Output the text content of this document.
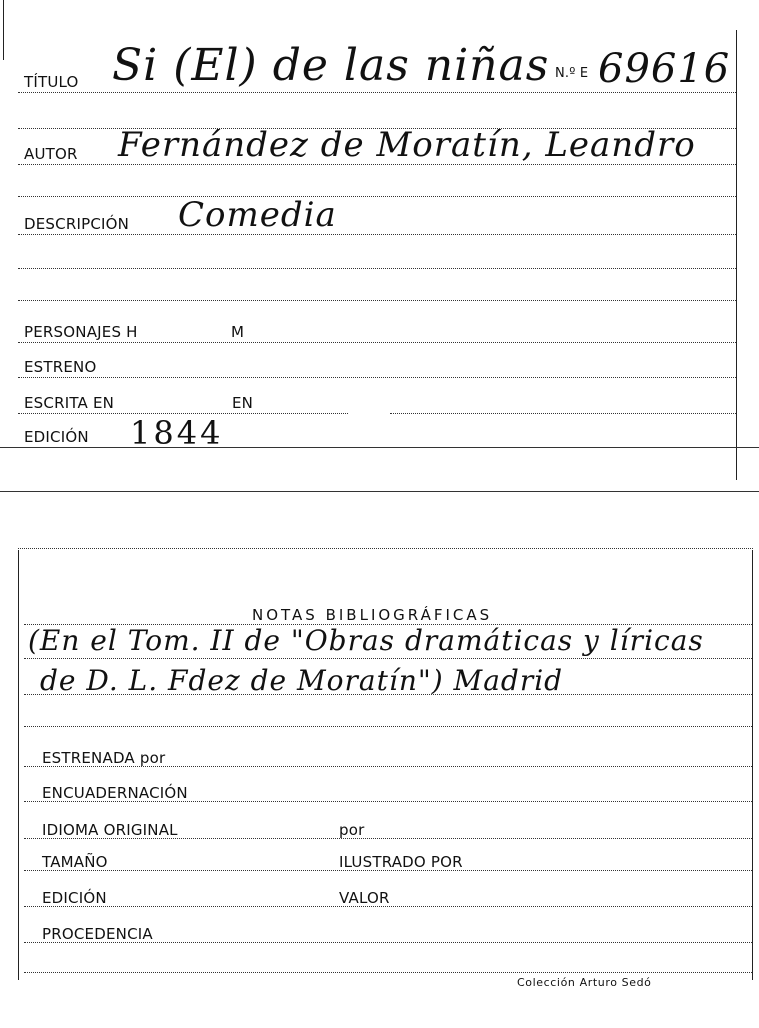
TÍTULO Si (El) de las niñas N.º E 69616
AUTOR Fernández de Moratín, Leandro
DESCRIPCIÓN Comedia
PERSONAJES H	M
ESTRENO
ESCRITA EN	EN
EDICIÓN 1844
NOTAS BIBLIOGRÁFICAS
(En el Tom. II de "Obras dramáticas y líricas
de D. L. Fdez de Moratín") Madrid
ESTRENADA por
ENCUADERNACIÓN
IDIOMA ORIGINAL	por
TAMAÑO	ILUSTRADO POR
EDICIÓN	VALOR
PROCEDENCIA
Colección Arturo Sedó
